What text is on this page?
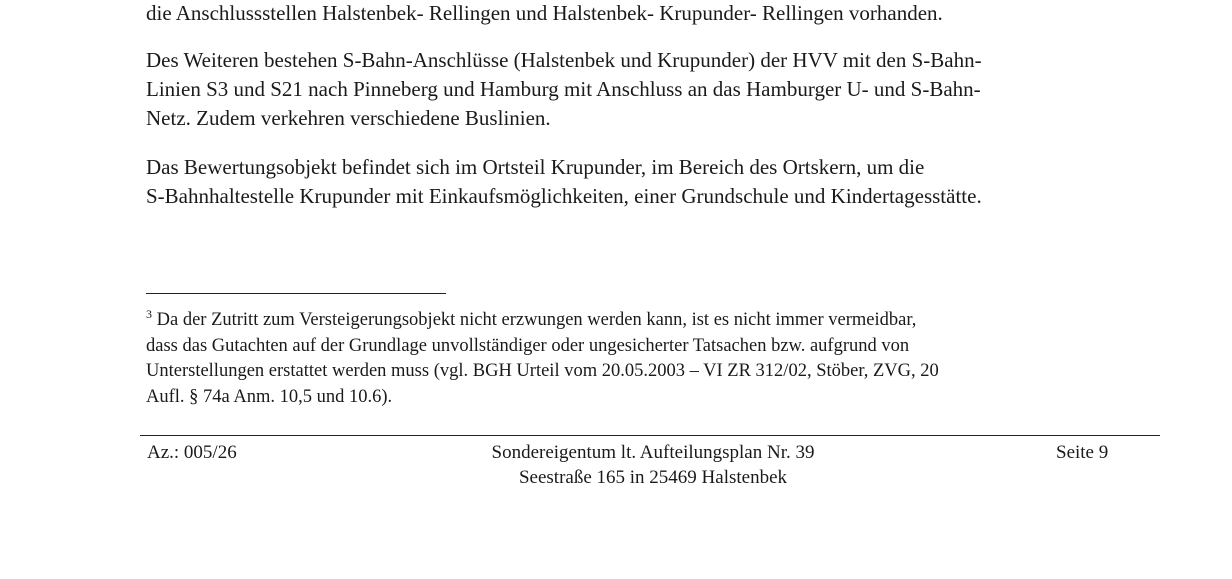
die Anschlussstellen Halstenbek- Rellingen und Halstenbek- Krupunder- Rellingen vorhanden.

Des Weiteren bestehen S-Bahn-Anschlüsse (Halstenbek und Krupunder) der HVV mit den S-Bahn-
Linien S3 und S21 nach Pinneberg und Hamburg mit Anschluss an das Hamburger U- und S-Bahn-
Netz. Zudem verkehren verschiedene Buslinien.

Das Bewertungsobjekt befindet sich im Ortsteil Krupunder, im Bereich des Ortskern, um die
S-Bahnhaltestelle Krupunder mit Einkaufsmöglichkeiten, einer Grundschule und Kindertagesstätte.

$^3$ Da der Zutritt zum Versteigerungsobjekt nicht erzwungen werden kann, ist es nicht immer vermeidbar,
dass das Gutachten auf der Grundlage unvollständiger oder ungesicherter Tatsachen bzw. aufgrund von
Unterstellungen erstattet werden muss (vgl. BGH Urteil vom 20.05.2003 – VI ZR 312/02, Stöber, ZVG, 20
Aufl. § 74a Anm. 10,5 und 10.6).

Az.: 005/26	Sondereigentum lt. Aufteilungsplan Nr. 39
Seestraße 165 in 25469 Halstenbek
Seite 9
